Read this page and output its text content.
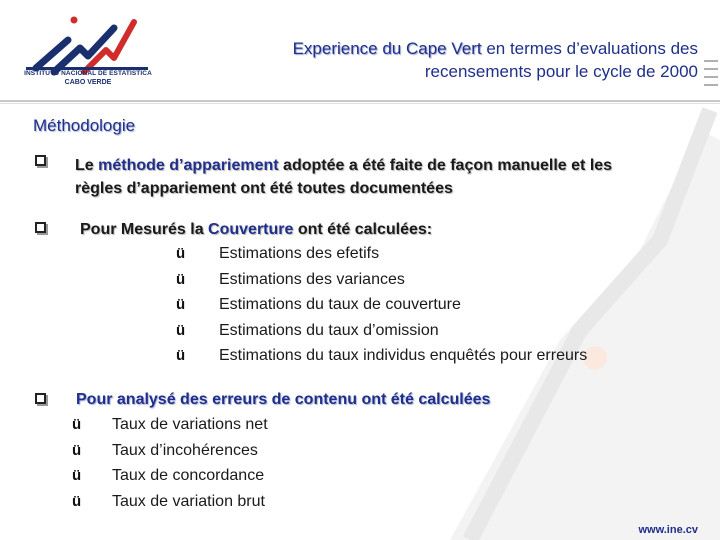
INSTITUTO NACIONAL DE ESTATÍSTICA
CABO VERDE
Experience du Cape Vert en termes d’evaluations des
recensements pour le cycle de 2000
Méthodologie
Le méthode d’appariement adoptée a été faite de façon manuelle et les
règles d’appariement ont été toutes documentées
Pour Mesurés la Couverture ont été calculées:
ü	Estimations des efetifs
ü	Estimations des variances
ü	Estimations du taux de couverture
ü	Estimations du taux d’omission
ü	Estimations du taux individus enquêtés pour erreurs
Pour analysé des erreurs de contenu ont été calculées
ü	Taux de variations net
ü	Taux d’incohérences
ü	Taux de concordance
ü	Taux de variation brut
www.ine.cv
